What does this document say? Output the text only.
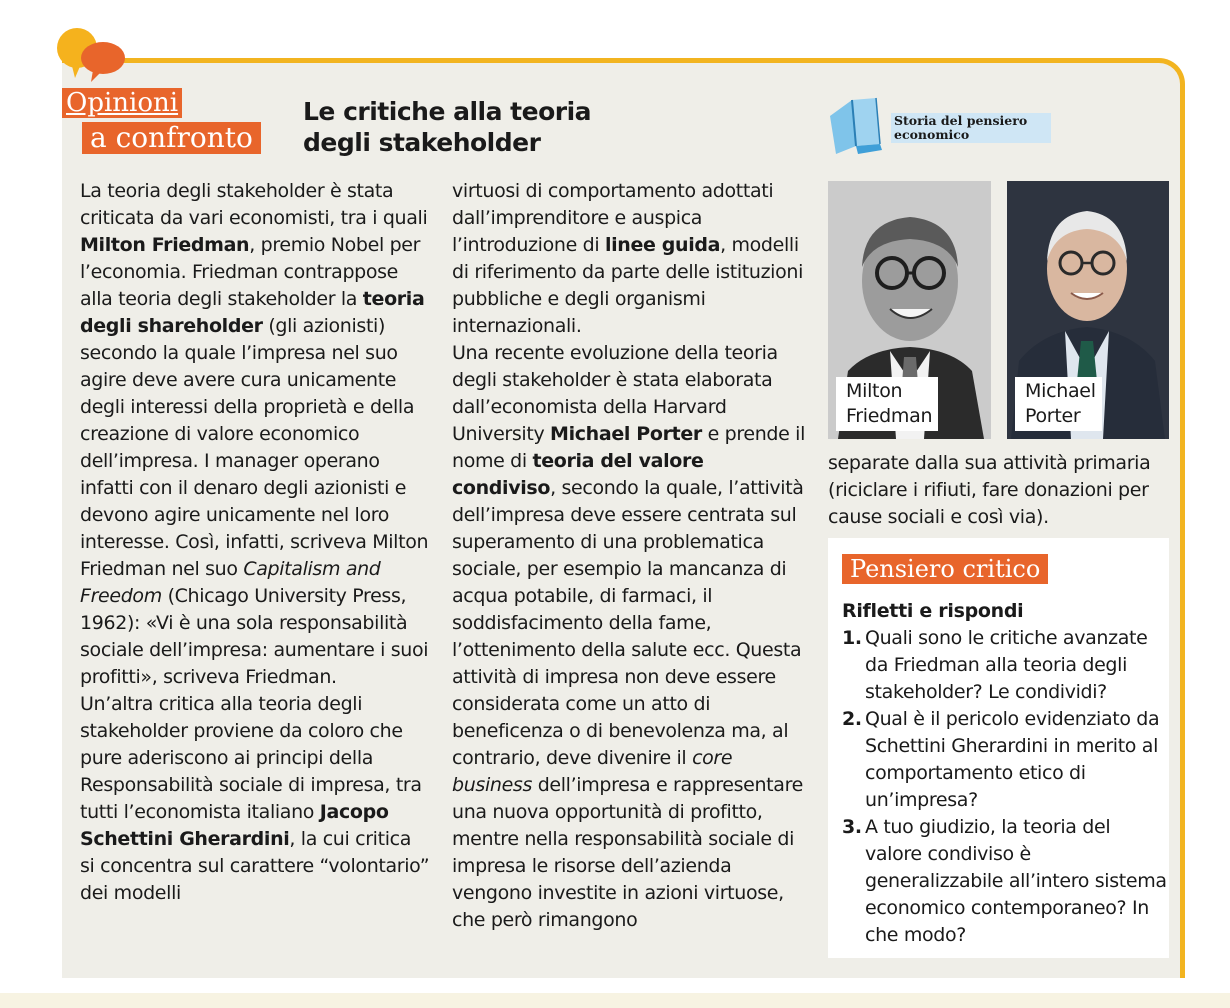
Opinioni
a confronto
Le critiche alla teoria
degli stakeholder
Storia del pensiero
economico

La teoria degli stakeholder è stata criticata da vari economisti, tra i quali Milton Friedman, premio Nobel per l’economia. Friedman contrappose alla teoria degli stakeholder la teoria degli shareholder (gli azionisti) secondo la quale l’impresa nel suo agire deve avere cura unicamente degli interessi della proprietà e della creazione di valore economico dell’impresa. I manager operano infatti con il denaro degli azionisti e devono agire unicamente nel loro interesse. Così, infatti, scriveva Milton Friedman nel suo Capitalism and Freedom (Chicago University Press, 1962): «Vi è una sola responsabilità sociale dell’impresa: aumentare i suoi profitti», scriveva Friedman.

Un’altra critica alla teoria degli stakeholder proviene da coloro che pure aderiscono ai principi della Responsabilità sociale di impresa, tra tutti l’economista italiano Jacopo Schettini Gherardini, la cui critica si concentra sul carattere “volontario” dei modelli

virtuosi di comportamento adottati dall’imprenditore e auspica l’introduzione di linee guida, modelli di riferimento da parte delle istituzioni pubbliche e degli organismi internazionali.

Una recente evoluzione della teoria degli stakeholder è stata elaborata dall’economista della Harvard University Michael Porter e prende il nome di teoria del valore condiviso, secondo la quale, l’attività dell’impresa deve essere centrata sul superamento di una problematica sociale, per esempio la mancanza di acqua potabile, di farmaci, il soddisfacimento della fame, l’ottenimento della salute ecc. Questa attività di impresa non deve essere considerata come un atto di beneficenza o di benevolenza ma, al contrario, deve divenire il core business dell’impresa e rappresentare una nuova opportunità di profitto, mentre nella responsabilità sociale di impresa le risorse dell’azienda vengono investite in azioni virtuose, che però rimangono

Milton
Friedman
Michael
Porter

separate dalla sua attività primaria (riciclare i rifiuti, fare donazioni per cause sociali e così via).

Pensiero critico
Rifletti e rispondi
1. Quali sono le critiche avanzate da Friedman alla teoria degli stakeholder? Le condividi?
2. Qual è il pericolo evidenziato da Schettini Gherardini in merito al comportamento etico di un’impresa?
3. A tuo giudizio, la teoria del valore condiviso è generalizzabile all’intero sistema economico contemporaneo? In che modo?
